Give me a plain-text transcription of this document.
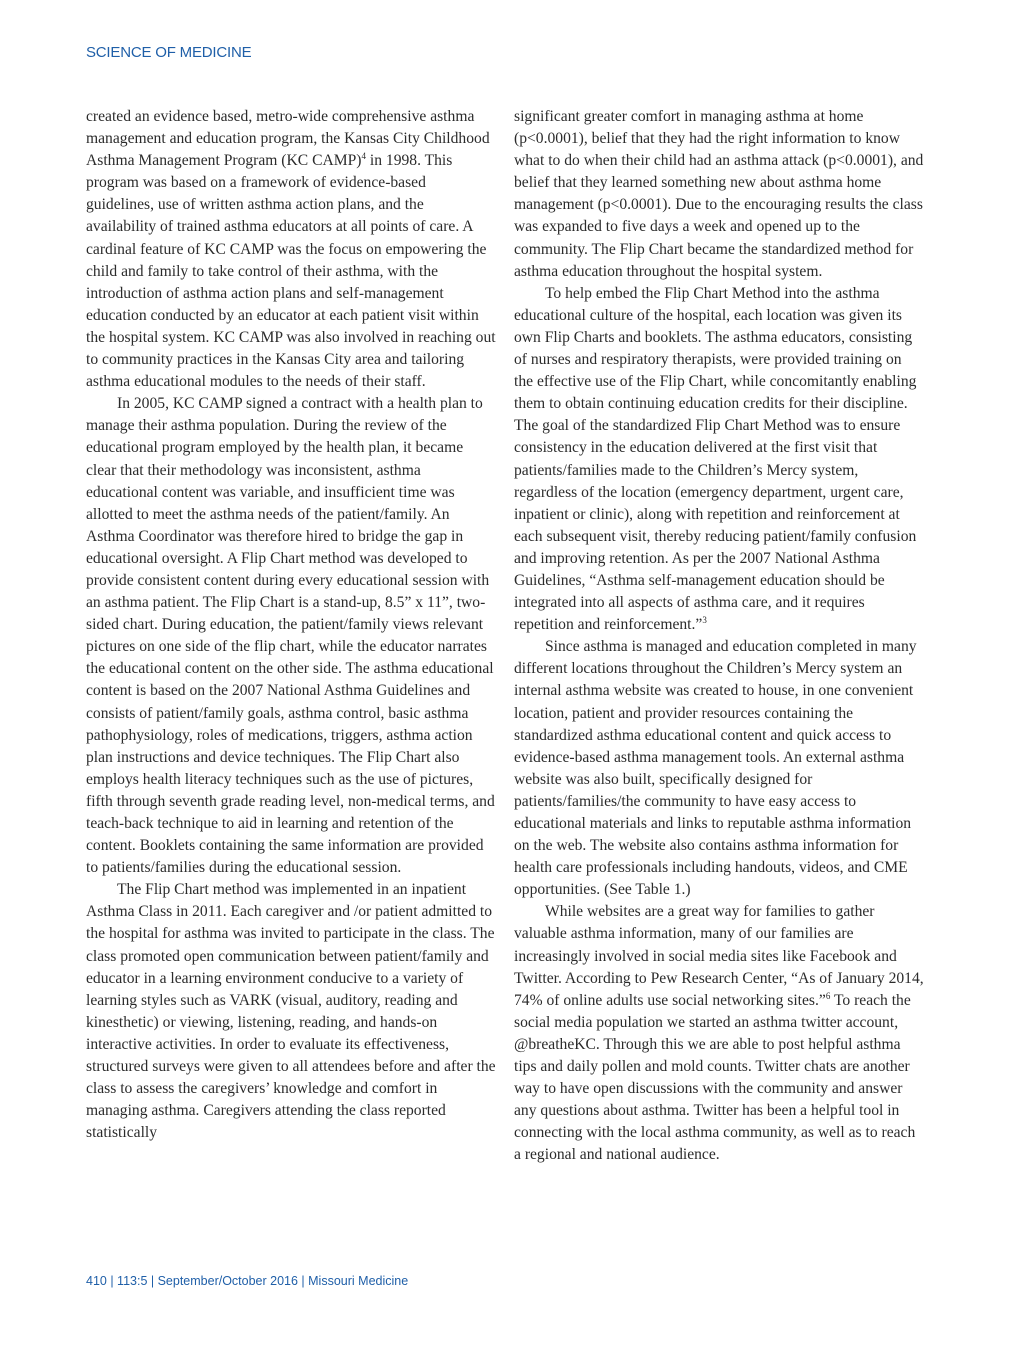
SCIENCE OF MEDICINE

created an evidence based, metro-wide comprehensive asthma management and education program, the Kansas City Childhood Asthma Management Program (KC CAMP)$^4$ in 1998. This program was based on a framework of evidence-based guidelines, use of written asthma action plans, and the availability of trained asthma educators at all points of care. A cardinal feature of KC CAMP was the focus on empowering the child and family to take control of their asthma, with the introduction of asthma action plans and self-management education conducted by an educator at each patient visit within the hospital system. KC CAMP was also involved in reaching out to community practices in the Kansas City area and tailoring asthma educational modules to the needs of their staff.

In 2005, KC CAMP signed a contract with a health plan to manage their asthma population. During the review of the educational program employed by the health plan, it became clear that their methodology was inconsistent, asthma educational content was variable, and insufficient time was allotted to meet the asthma needs of the patient/family. An Asthma Coordinator was therefore hired to bridge the gap in educational oversight. A Flip Chart method was developed to provide consistent content during every educational session with an asthma patient. The Flip Chart is a stand-up, 8.5” x 11”, two-sided chart. During education, the patient/family views relevant pictures on one side of the flip chart, while the educator narrates the educational content on the other side. The asthma educational content is based on the 2007 National Asthma Guidelines and consists of patient/family goals, asthma control, basic asthma pathophysiology, roles of medications, triggers, asthma action plan instructions and device techniques. The Flip Chart also employs health literacy techniques such as the use of pictures, fifth through seventh grade reading level, non-medical terms, and teach-back technique to aid in learning and retention of the content. Booklets containing the same information are provided to patients/families during the educational session.

The Flip Chart method was implemented in an inpatient Asthma Class in 2011. Each caregiver and /or patient admitted to the hospital for asthma was invited to participate in the class. The class promoted open communication between patient/family and educator in a learning environment conducive to a variety of learning styles such as VARK (visual, auditory, reading and kinesthetic) or viewing, listening, reading, and hands-on interactive activities. In order to evaluate its effectiveness, structured surveys were given to all attendees before and after the class to assess the caregivers’ knowledge and comfort in managing asthma. Caregivers attending the class reported statistically

significant greater comfort in managing asthma at home (p<0.0001), belief that they had the right information to know what to do when their child had an asthma attack (p<0.0001), and belief that they learned something new about asthma home management (p<0.0001). Due to the encouraging results the class was expanded to five days a week and opened up to the community. The Flip Chart became the standardized method for asthma education throughout the hospital system.

To help embed the Flip Chart Method into the asthma educational culture of the hospital, each location was given its own Flip Charts and booklets. The asthma educators, consisting of nurses and respiratory therapists, were provided training on the effective use of the Flip Chart, while concomitantly enabling them to obtain continuing education credits for their discipline. The goal of the standardized Flip Chart Method was to ensure consistency in the education delivered at the first visit that patients/families made to the Children’s Mercy system, regardless of the location (emergency department, urgent care, inpatient or clinic), along with repetition and reinforcement at each subsequent visit, thereby reducing patient/family confusion and improving retention. As per the 2007 National Asthma Guidelines, “Asthma self-management education should be integrated into all aspects of asthma care, and it requires repetition and reinforcement.”$^3$

Since asthma is managed and education completed in many different locations throughout the Children’s Mercy system an internal asthma website was created to house, in one convenient location, patient and provider resources containing the standardized asthma educational content and quick access to evidence-based asthma management tools. An external asthma website was also built, specifically designed for patients/families/the community to have easy access to educational materials and links to reputable asthma information on the web. The website also contains asthma information for health care professionals including handouts, videos, and CME opportunities. (See Table 1.)

While websites are a great way for families to gather valuable asthma information, many of our families are increasingly involved in social media sites like Facebook and Twitter. According to Pew Research Center, “As of January 2014, 74% of online adults use social networking sites.”$^6$ To reach the social media population we started an asthma twitter account, @breatheKC. Through this we are able to post helpful asthma tips and daily pollen and mold counts. Twitter chats are another way to have open discussions with the community and answer any questions about asthma. Twitter has been a helpful tool in connecting with the local asthma community, as well as to reach a regional and national audience.

410 | 113:5 | September/October 2016 | Missouri Medicine
